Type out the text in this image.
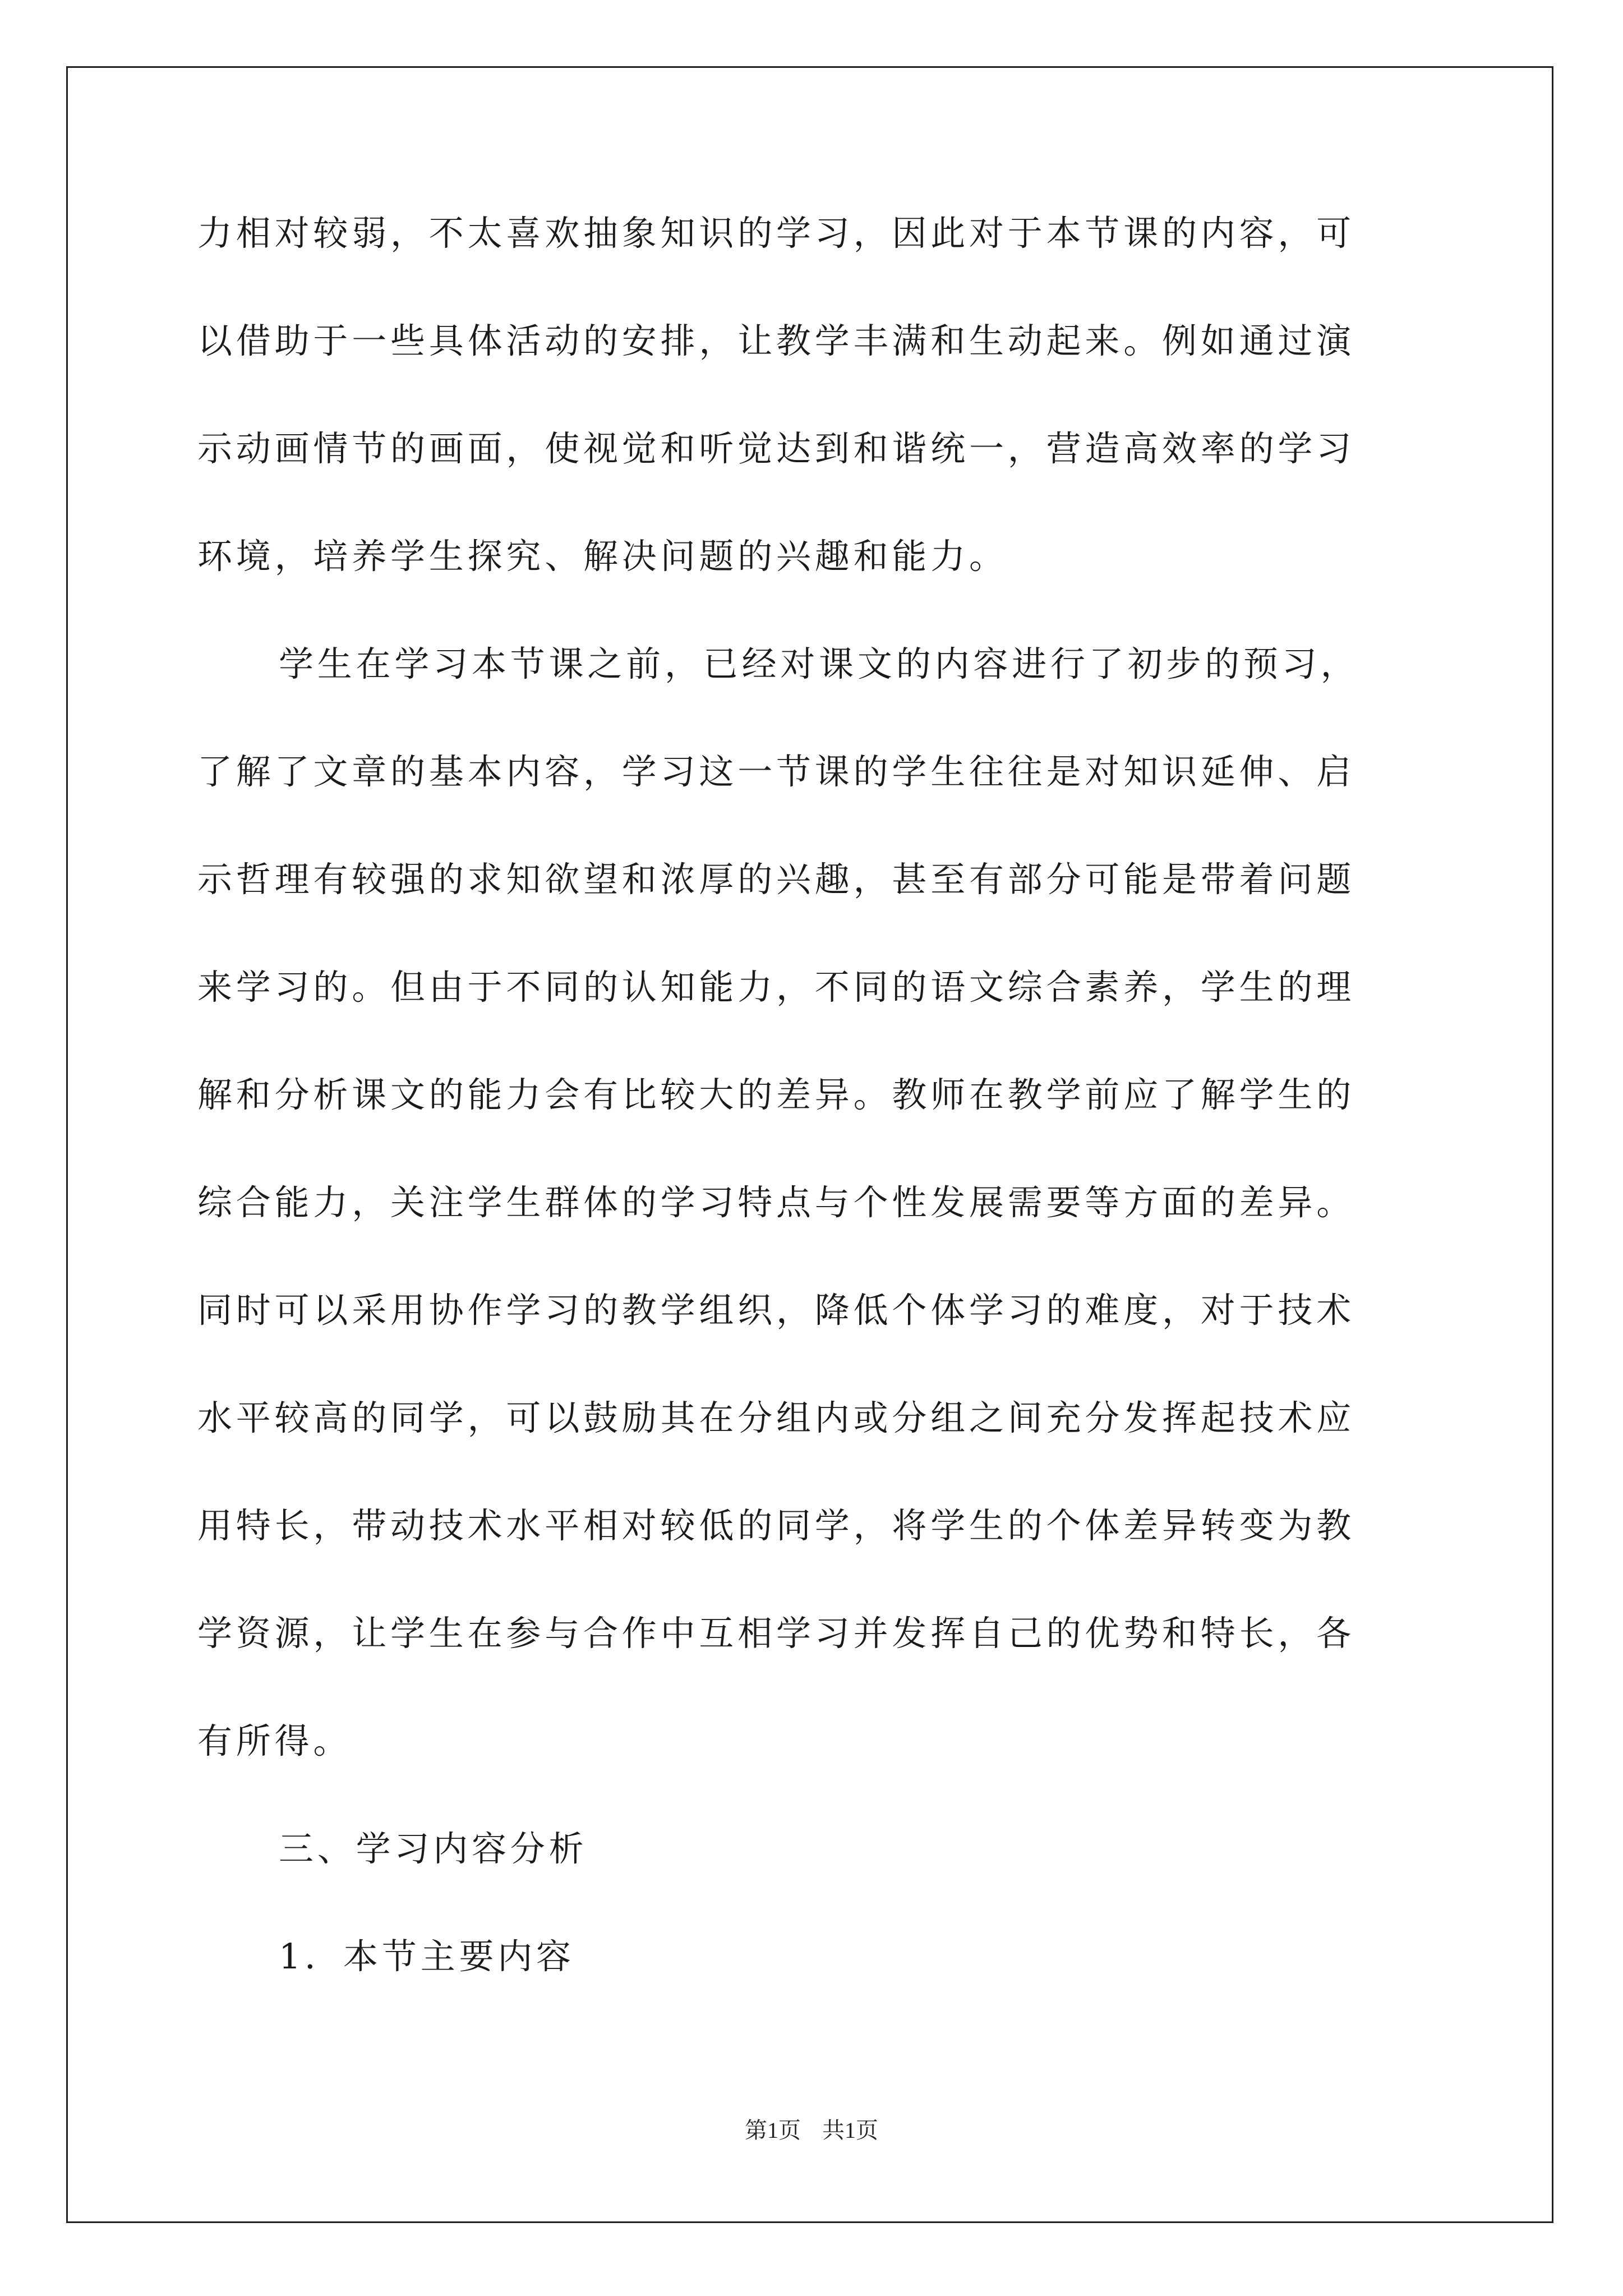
力相对较弱，不太喜欢抽象知识的学习，因此对于本节课的内容，可
以借助于一些具体活动的安排，让教学丰满和生动起来。例如通过演
示动画情节的画面，使视觉和听觉达到和谐统一，营造高效率的学习
环境，培养学生探究、解决问题的兴趣和能力。
学生在学习本节课之前，已经对课文的内容进行了初步的预习，
了解了文章的基本内容，学习这一节课的学生往往是对知识延伸、启
示哲理有较强的求知欲望和浓厚的兴趣，甚至有部分可能是带着问题
来学习的。但由于不同的认知能力，不同的语文综合素养，学生的理
解和分析课文的能力会有比较大的差异。教师在教学前应了解学生的
综合能力，关注学生群体的学习特点与个性发展需要等方面的差异。
同时可以采用协作学习的教学组织，降低个体学习的难度，对于技术
水平较高的同学，可以鼓励其在分组内或分组之间充分发挥起技术应
用特长，带动技术水平相对较低的同学，将学生的个体差异转变为教
学资源，让学生在参与合作中互相学习并发挥自己的优势和特长，各
有所得。
三、学习内容分析
1．本节主要内容
第1页 共1页
